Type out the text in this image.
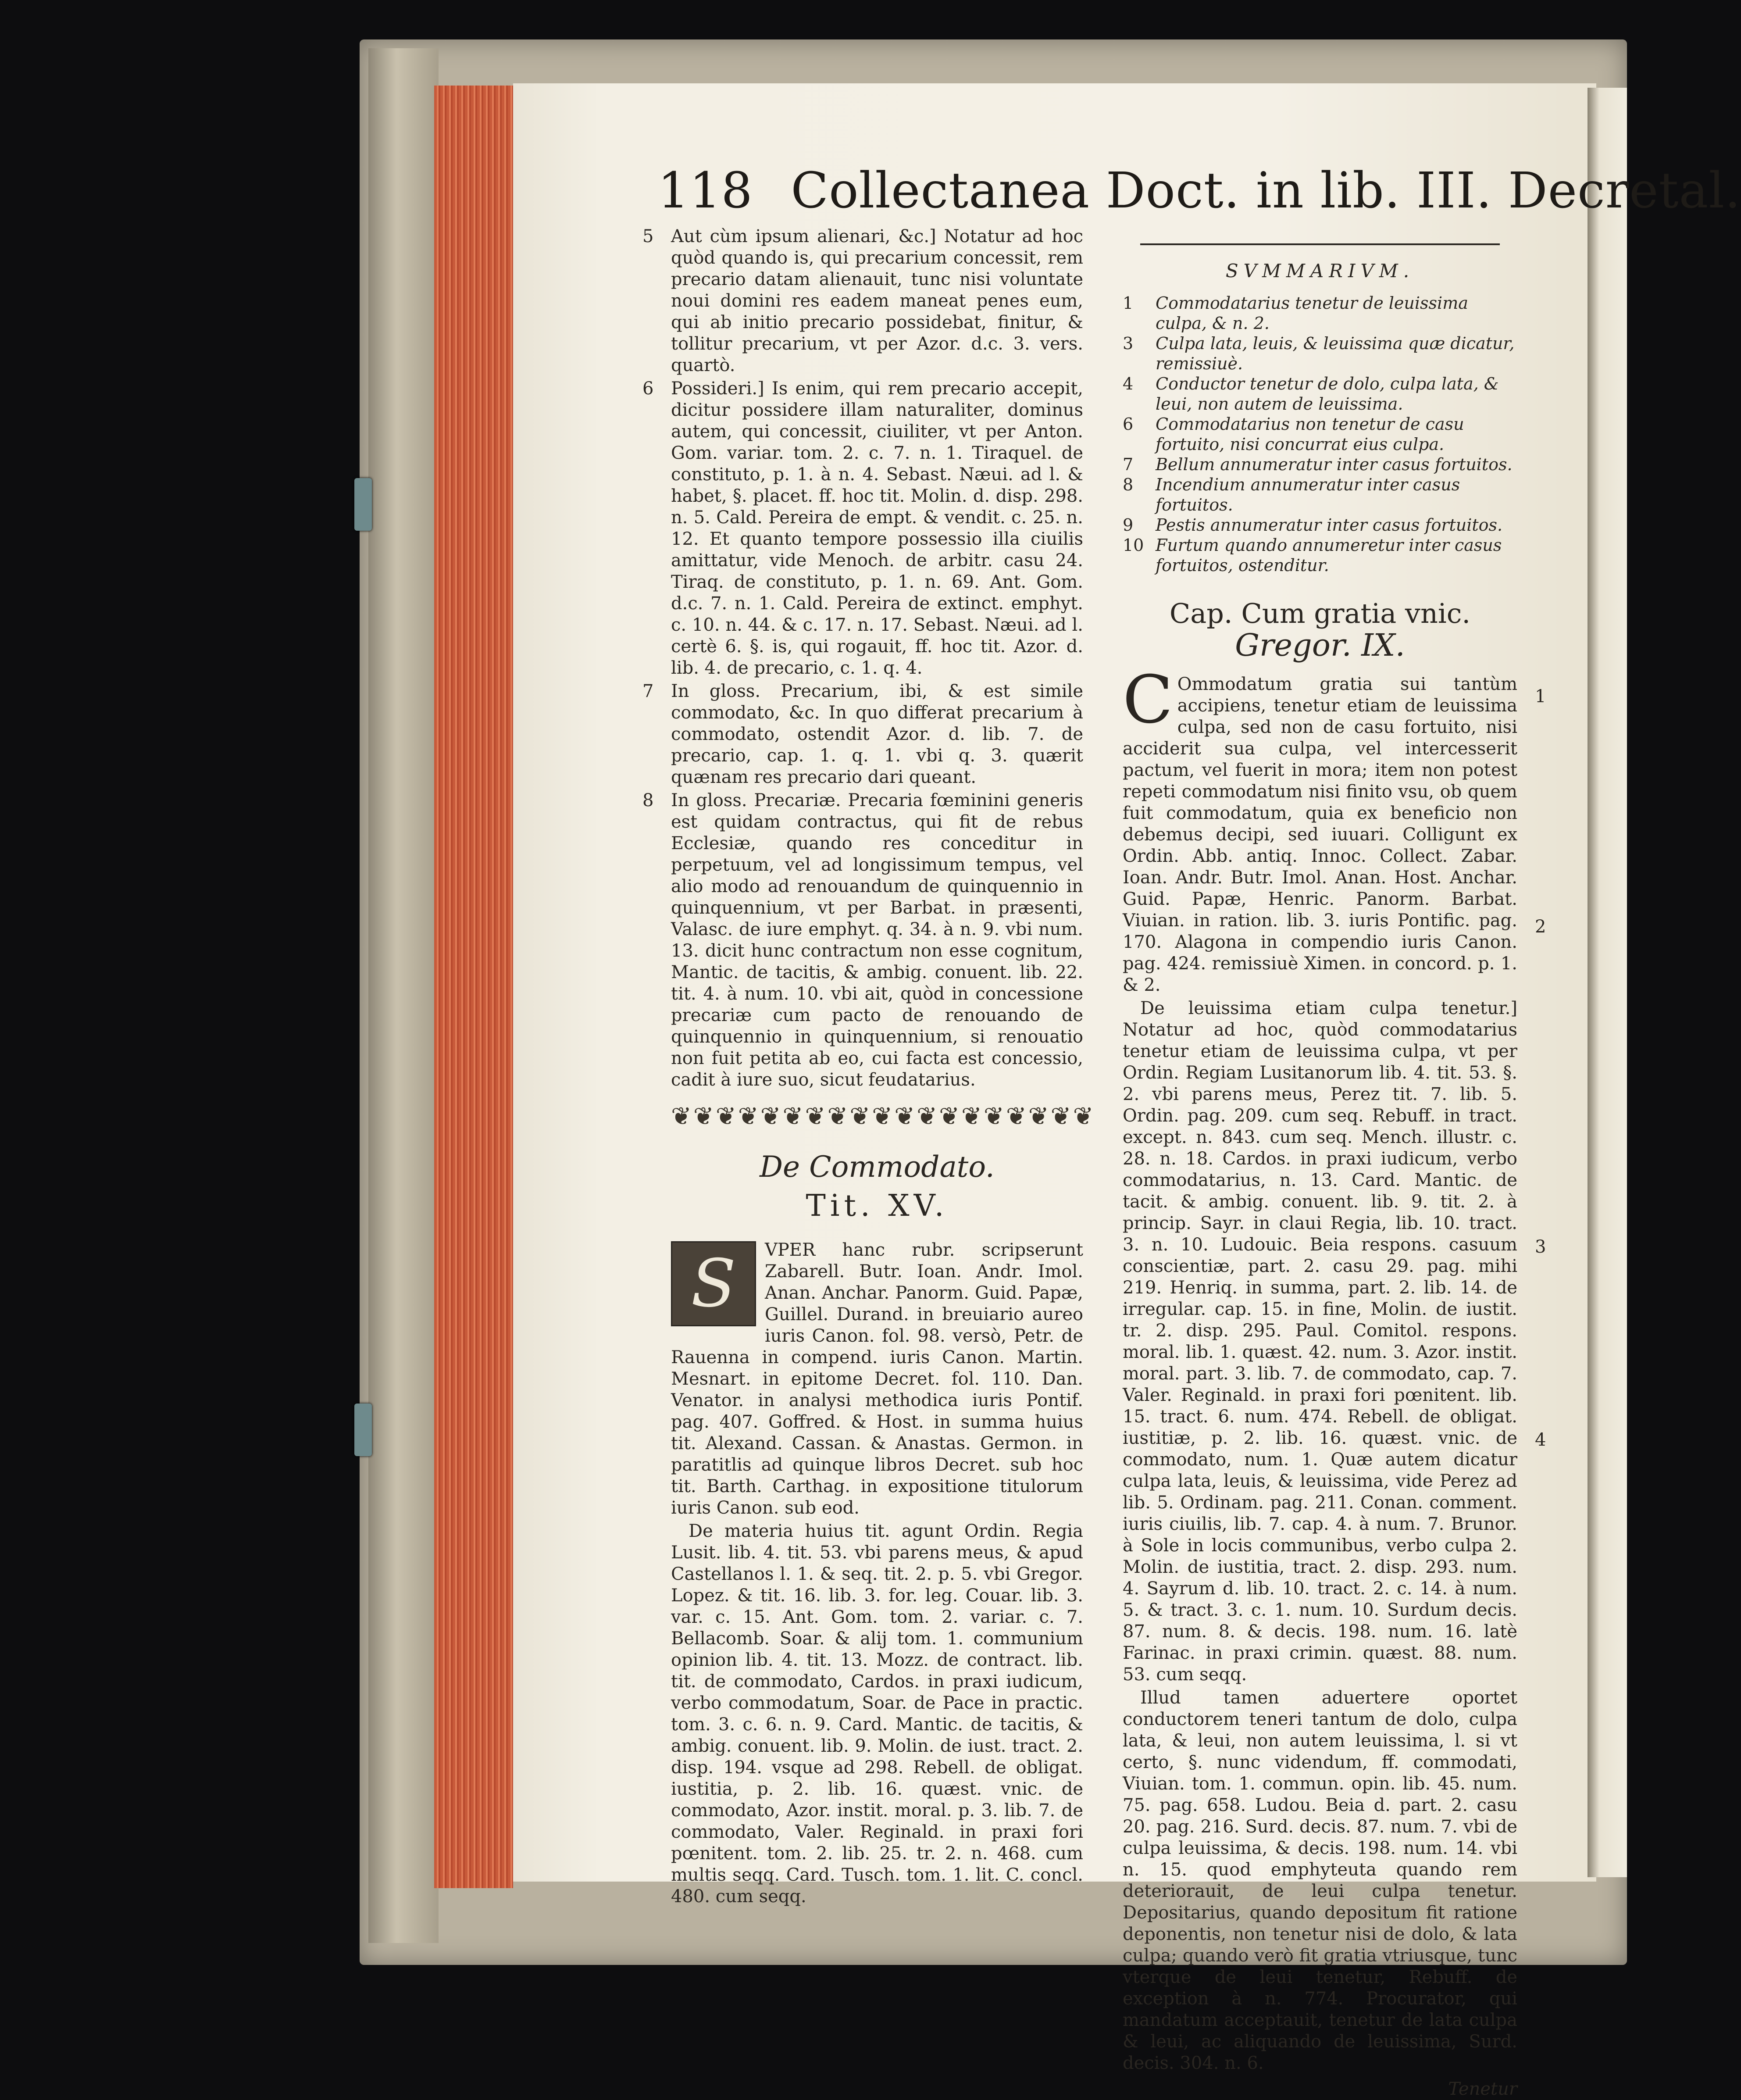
118 Collectanea Doct. in lib. III. Decretal.
5 Aut cùm ipsum alienari, &c.] Notatur ad hoc quòd quando is, qui precarium concessit, rem precario datam alienauit, tunc nisi voluntate noui domini res eadem maneat penes eum, qui ab initio precario possidebat, finitur, & tollitur precarium, vt per Azor. d.c. 3. vers. quartò.

6 Possideri.] Is enim, qui rem precario accepit, dicitur possidere illam naturaliter, dominus autem, qui concessit, ciuiliter, vt per Anton. Gom. variar. tom. 2. c. 7. n. 1. Tiraquel. de constituto, p. 1. à n. 4. Sebast. Næui. ad l. & habet, §. placet. ff. hoc tit. Molin. d. disp. 298. n. 5. Cald. Pereira de empt. & vendit. c. 25. n. 12. Et quanto tempore possessio illa ciuilis amittatur, vide Menoch. de arbitr. casu 24. Tiraq. de constituto, p. 1. n. 69. Ant. Gom. d.c. 7. n. 1. Cald. Pereira de extinct. emphyt. c. 10. n. 44. & c. 17. n. 17. Sebast. Næui. ad l. certè 6. §. is, qui rogauit, ff. hoc tit. Azor. d. lib. 4. de precario, c. 1. q. 4.

7 In gloss. Precarium, ibi, & est simile commodato, &c. In quo differat precarium à commodato, ostendit Azor. d. lib. 7. de precario, cap. 1. q. 1. vbi q. 3. quærit quænam res precario dari queant.

8 In gloss. Precariæ. Precaria fœminini generis est quidam contractus, qui fit de rebus Ecclesiæ, quando res conceditur in perpetuum, vel ad longissimum tempus, vel alio modo ad renouandum de quinquennio in quinquennium, vt per Barbat. in præsenti, Valasc. de iure emphyt. q. 34. à n. 9. vbi num. 13. dicit hunc contractum non esse cognitum, Mantic. de tacitis, & ambig. conuent. lib. 22. tit. 4. à num. 10. vbi ait, quòd in concessione precariæ cum pacto de renouando de quinquennio in quinquennium, si renouatio non fuit petita ab eo, cui facta est concessio, cadit à iure suo, sicut feudatarius.

❦❦❦❦❦❦❦❦❦❦❦❦❦❦❦❦❦❦❦
De Commodato.
Tit. XV.

S	VPER hanc rubr. scripserunt Zabarell. Butr. Ioan. Andr. Imol. Anan. Anchar. Panorm. Guid. Papæ, Guillel. Durand. in breuiario aureo iuris Canon. fol. 98. versò, Petr. de Rauenna in compend. iuris Canon. Martin. Mesnart. in epitome Decret. fol. 110. Dan. Venator. in analysi methodica iuris Pontif. pag. 407. Goffred. & Host. in summa huius tit. Alexand. Cassan. & Anastas. Germon. in paratitlis ad quinque libros Decret. sub hoc tit. Barth. Carthag. in expositione titulorum iuris Canon. sub eod.

De materia huius tit. agunt Ordin. Regia Lusit. lib. 4. tit. 53. vbi parens meus, & apud Castellanos l. 1. & seq. tit. 2. p. 5. vbi Gregor. Lopez. & tit. 16. lib. 3. for. leg. Couar. lib. 3. var. c. 15. Ant. Gom. tom. 2. variar. c. 7. Bellacomb. Soar. & alij tom. 1. communium opinion lib. 4. tit. 13. Mozz. de contract. lib. tit. de commodato, Cardos. in praxi iudicum, verbo commodatum, Soar. de Pace in practic. tom. 3. c. 6. n. 9. Card. Mantic. de tacitis, & ambig. conuent. lib. 9. Molin. de iust. tract. 2. disp. 194. vsque ad 298. Rebell. de obligat. iustitia, p. 2. lib. 16. quæst. vnic. de commodato, Azor. instit. moral. p. 3. lib. 7. de commodato, Valer. Reginald. in praxi fori pœnitent. tom. 2. lib. 25. tr. 2. n. 468. cum multis seqq. Card. Tusch. tom. 1. lit. C. concl. 480. cum seqq.

SVMMARIVM.
1	Commodatarius tenetur de leuissima culpa, & n. 2.
3	Culpa lata, leuis, & leuissima quæ dicatur, remissiuè.
4	Conductor tenetur de dolo, culpa lata, & leui, non autem de leuissima.
6	Commodatarius non tenetur de casu fortuito, nisi concurrat eius culpa.
7	Bellum annumeratur inter casus fortuitos.
8	Incendium annumeratur inter casus fortuitos.
9	Pestis annumeratur inter casus fortuitos.
10 Furtum quando annumeretur inter casus fortuitos, ostenditur.
Cap. Cum gratia vnic.
Gregor. IX.

C Ommodatum gratia sui tantùm accipiens, tenetur etiam de leuissima culpa, sed non de casu fortuito, nisi acciderit sua culpa, vel intercesserit pactum, vel fuerit in mora; item non potest repeti commodatum nisi finito vsu, ob quem fuit commodatum, quia ex beneficio non debemus decipi, sed iuuari. Colligunt ex Ordin. Abb. antiq. Innoc. Collect. Zabar. Ioan. Andr. Butr. Imol. Anan. Host. Anchar. Guid. Papæ, Henric. Panorm. Barbat. Viuian. in ration. lib. 3. iuris Pontific. pag. 170. Alagona in compendio iuris Canon. pag. 424. remissiuè Ximen. in concord. p. 1. & 2.

De leuissima etiam culpa tenetur.] Notatur ad hoc, quòd commodatarius tenetur etiam de leuissima culpa, vt per Ordin. Regiam Lusitanorum lib. 4. tit. 53. §. 2. vbi parens meus, Perez tit. 7. lib. 5. Ordin. pag. 209. cum seq. Rebuff. in tract. except. n. 843. cum seq. Mench. illustr. c. 28. n. 18. Cardos. in praxi iudicum, verbo commodatarius, n. 13. Card. Mantic. de tacit. & ambig. conuent. lib. 9. tit. 2. à princip. Sayr. in claui Regia, lib. 10. tract. 3. n. 10. Ludouic. Beia respons. casuum conscientiæ, part. 2. casu 29. pag. mihi 219. Henriq. in summa, part. 2. lib. 14. de irregular. cap. 15. in fine, Molin. de iustit. tr. 2. disp. 295. Paul. Comitol. respons. moral. lib. 1. quæst. 42. num. 3. Azor. instit. moral. part. 3. lib. 7. de commodato, cap. 7. Valer. Reginald. in praxi fori pœnitent. lib. 15. tract. 6. num. 474. Rebell. de obligat. iustitiæ, p. 2. lib. 16. quæst. vnic. de commodato, num. 1. Quæ autem dicatur culpa lata, leuis, & leuissima, vide Perez ad lib. 5. Ordinam. pag. 211. Conan. comment. iuris ciuilis, lib. 7. cap. 4. à num. 7. Brunor. à Sole in locis communibus, verbo culpa 2. Molin. de iustitia, tract. 2. disp. 293. num. 4. Sayrum d. lib. 10. tract. 2. c. 14. à num. 5. & tract. 3. c. 1. num. 10. Surdum decis. 87. num. 8. & decis. 198. num. 16. latè Farinac. in praxi crimin. quæst. 88. num. 53. cum seqq.

Illud tamen aduertere oportet conductorem teneri tantum de dolo, culpa lata, & leui, non autem leuissima, l. si vt certo, §. nunc videndum, ff. commodati, Viuian. tom. 1. commun. opin. lib. 45. num. 75. pag. 658. Ludou. Beia d. part. 2. casu 20. pag. 216. Surd. decis. 87. num. 7. vbi de culpa leuissima, & decis. 198. num. 14. vbi n. 15. quod emphyteuta quando rem deteriorauit, de leui culpa tenetur. Depositarius, quando depositum fit ratione deponentis, non tenetur nisi de dolo, & lata culpa; quando verò fit gratia vtriusque, tunc vterque de leui tenetur, Rebuff. de exception à n. 774. Procurator, qui mandatum acceptauit, tenetur de lata culpa & leui, ac aliquando de leuissima, Surd. decis. 304. n. 6.

Tenetur
1
2
3
4
